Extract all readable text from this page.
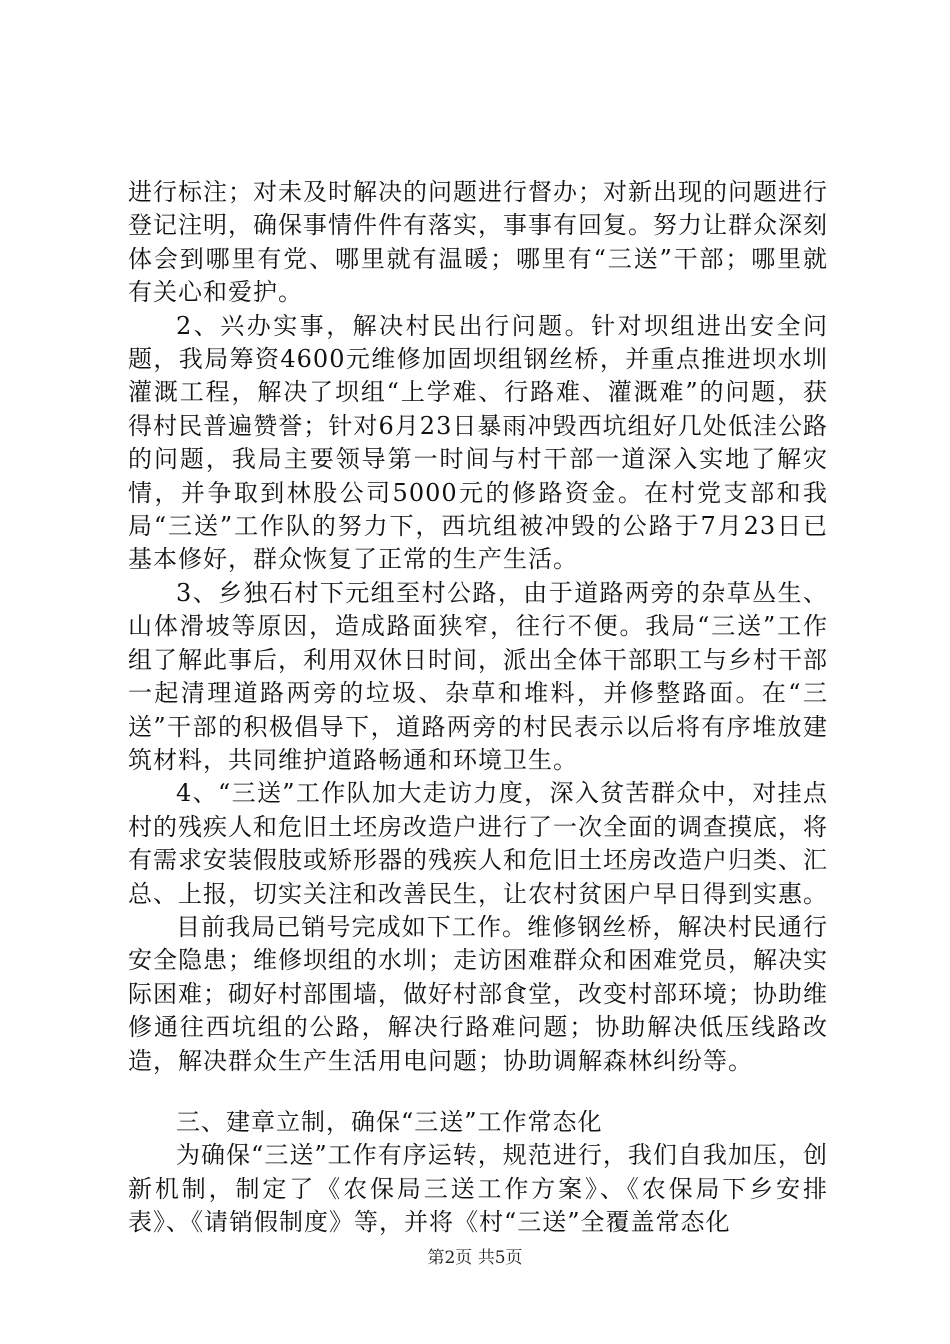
进行标注；对未及时解决的问题进行督办；对新出现的问题进行登记注明，确保事情件件有落实，事事有回复。努力让群众深刻体会到哪里有党、哪里就有温暖；哪里有“三送”干部；哪里就有关心和爱护。

2、兴办实事，解决村民出行问题。针对坝组进出安全问题，我局筹资4600元维修加固坝组钢丝桥，并重点推进坝水圳灌溉工程，解决了坝组“上学难、行路难、灌溉难”的问题，获得村民普遍赞誉；针对6月23日暴雨冲毁西坑组好几处低洼公路的问题，我局主要领导第一时间与村干部一道深入实地了解灾情，并争取到林股公司5000元的修路资金。在村党支部和我局“三送”工作队的努力下，西坑组被冲毁的公路于7月23日已基本修好，群众恢复了正常的生产生活。

3、乡独石村下元组至村公路，由于道路两旁的杂草丛生、山体滑坡等原因，造成路面狭窄，往行不便。我局“三送”工作组了解此事后，利用双休日时间，派出全体干部职工与乡村干部一起清理道路两旁的垃圾、杂草和堆料，并修整路面。在“三送”干部的积极倡导下，道路两旁的村民表示以后将有序堆放建筑材料，共同维护道路畅通和环境卫生。

4、“三送”工作队加大走访力度，深入贫苦群众中，对挂点村的残疾人和危旧土坯房改造户进行了一次全面的调查摸底，将有需求安装假肢或矫形器的残疾人和危旧土坯房改造户归类、汇总、上报，切实关注和改善民生，让农村贫困户早日得到实惠。

目前我局已销号完成如下工作。维修钢丝桥，解决村民通行安全隐患；维修坝组的水圳；走访困难群众和困难党员，解决实际困难；砌好村部围墙，做好村部食堂，改变村部环境；协助维修通往西坑组的公路，解决行路难问题；协助解决低压线路改造，解决群众生产生活用电问题；协助调解森林纠纷等。

三、建章立制，确保“三送”工作常态化

为确保“三送”工作有序运转，规范进行，我们自我加压，创新机制，制定了《农保局三送工作方案》、《农保局下乡安排表》、《请销假制度》等，并将《村“三送”全覆盖常态化

第2页 共5页
